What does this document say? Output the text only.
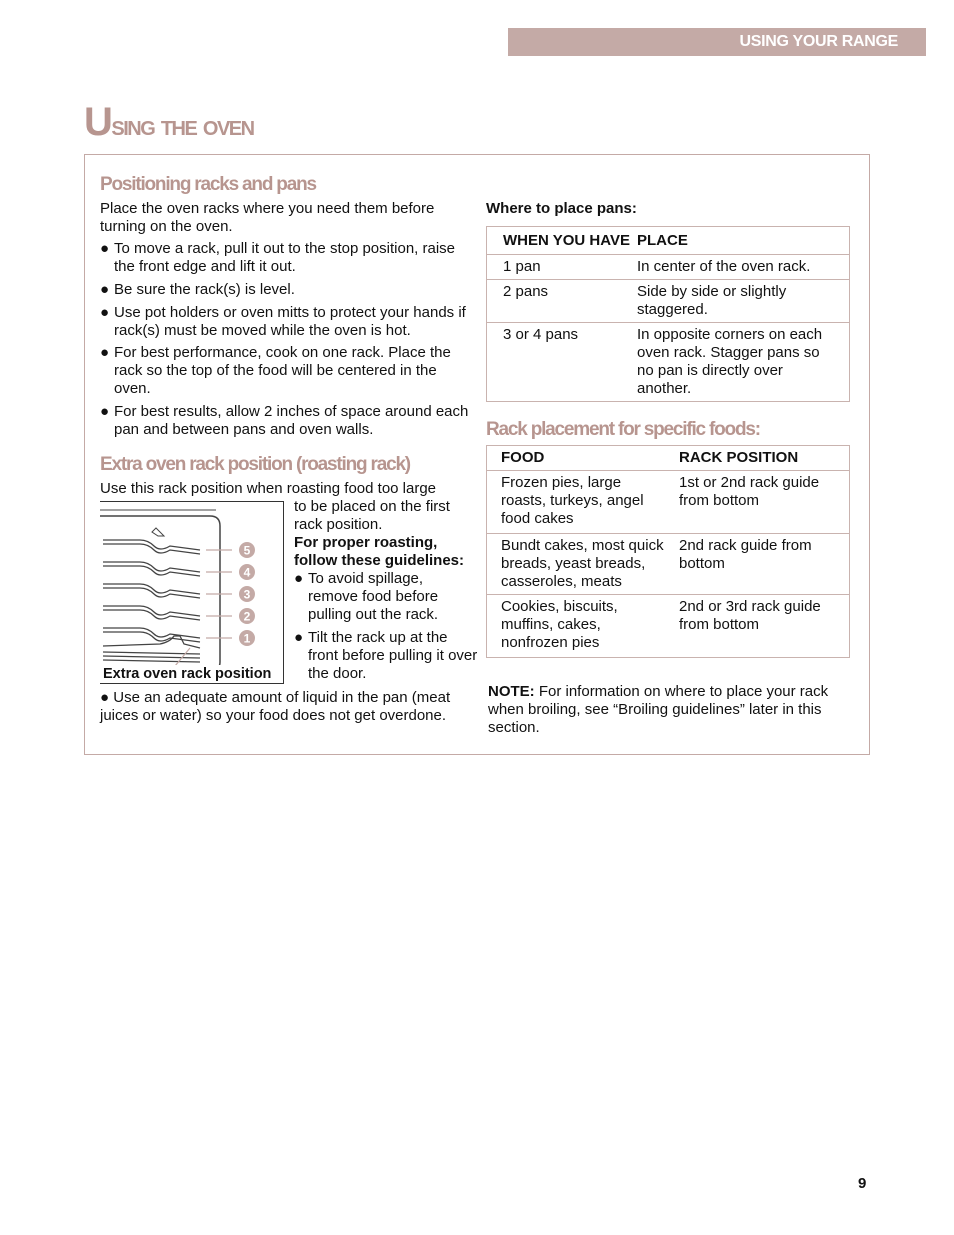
USING YOUR RANGE
Using the oven
Positioning racks and pans

Place the oven racks where you need them before turning on the oven.

● To move a rack, pull it out to the stop position, raise the front edge and lift it out.
● Be sure the rack(s) is level.
● Use pot holders or oven mitts to protect your hands if rack(s) must be moved while the oven is hot.
● For best performance, cook on one rack. Place the rack so the top of the food will be centered in the oven.
● For best results, allow 2 inches of space around each pan and between pans and oven walls.
Extra oven rack position (roasting rack)

Use this rack position when roasting food too large

5
4
3
2
1
Extra oven rack position

to be placed on the first rack position.

For proper roasting, follow these guidelines:

● To avoid spillage, remove food before pulling out the rack.
● Tilt the rack up at the front before pulling it over the door.

● Use an adequate amount of liquid in the pan (meat juices or water) so your food does not get overdone.

Where to place pans:

WHEN YOU HAVE	PLACE
1 pan	In center of the oven rack.
2 pans	Side by side or slightly staggered.
3 or 4 pans	In opposite corners on each oven rack. Stagger pans so no pan is directly over another.
Rack placement for specific foods:
FOOD	RACK POSITION
Frozen pies, large roasts, turkeys, angel food cakes	1st or 2nd rack guide from bottom
Bundt cakes, most quick breads, yeast breads, casseroles, meats	2nd rack guide from bottom
Cookies, biscuits, muffins, cakes, nonfrozen pies	2nd or 3rd rack guide from bottom

NOTE: For information on where to place your rack when broiling, see “Broiling guidelines” later in this section.

9
